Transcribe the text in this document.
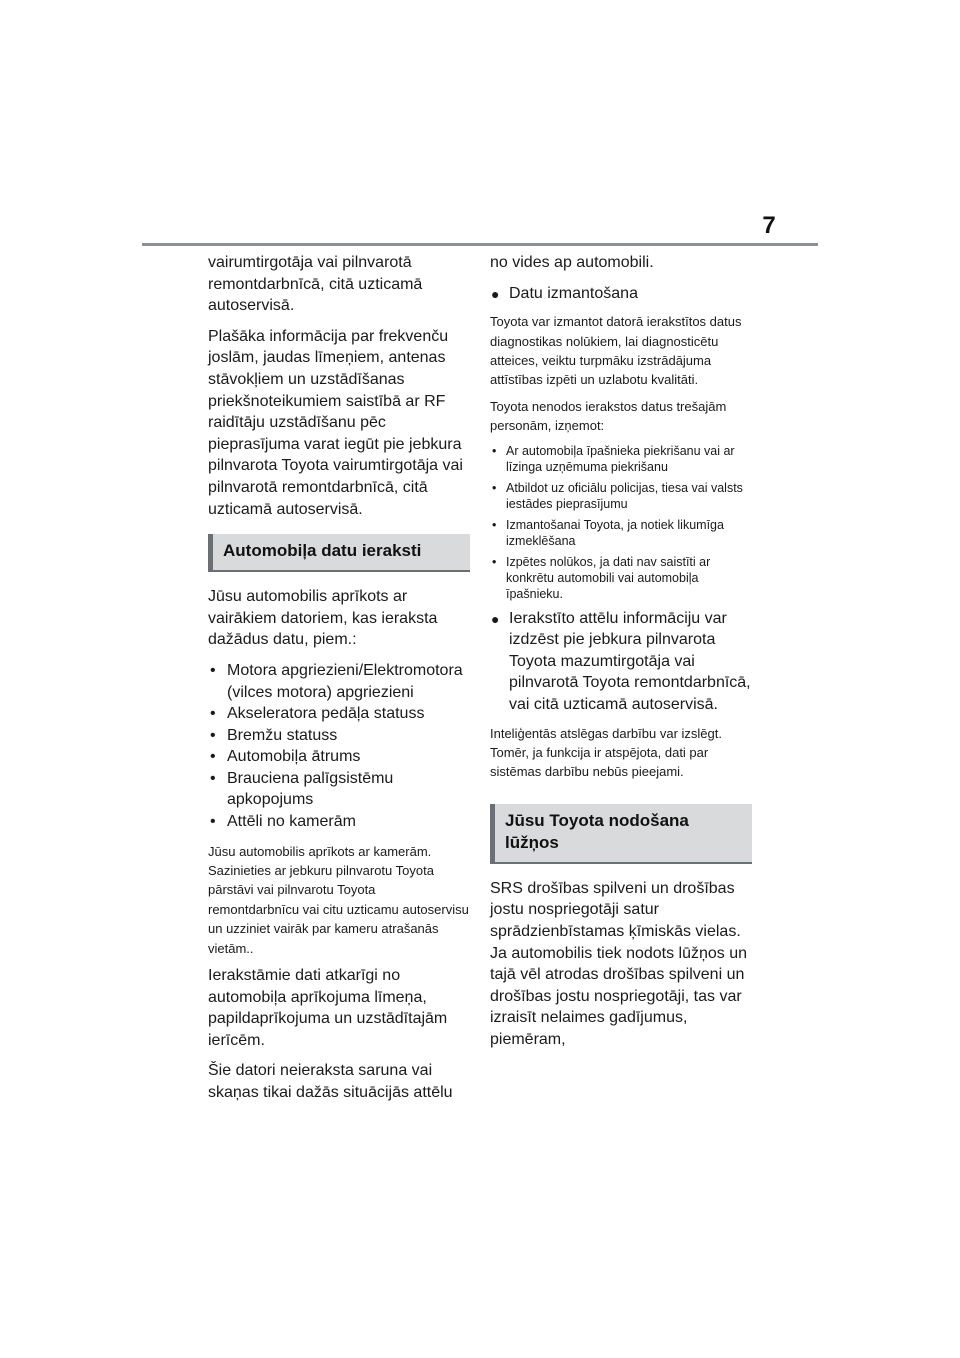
7

vairumtirgotāja vai pilnvarotā remontdarbnīcā, citā uzticamā autoservisā.

Plašāka informācija par frekvenču joslām, jaudas līmeņiem, antenas stāvokļiem un uzstādīšanas priekšnoteikumiem saistībā ar RF raidītāju uzstādīšanu pēc pieprasījuma varat iegūt pie jebkura pilnvarota Toyota vairumtirgotāja vai pilnvarotā remontdarbnīcā, citā uzticamā autoservisā.

Automobiļa datu ieraksti

Jūsu automobilis aprīkots ar vairākiem datoriem, kas ieraksta dažādus datu, piem.:

• Motora apgriezieni/Elektromotora (vilces motora) apgriezieni
• Akseleratora pedāļa statuss
• Bremžu statuss
• Automobiļa ātrums
• Brauciena palīgsistēmu apkopojums
• Attēli no kamerām

Jūsu automobilis aprīkots ar kamerām. Sazinieties ar jebkuru pilnvarotu Toyota pārstāvi vai pilnvarotu Toyota remontdarbnīcu vai citu uzticamu autoservisu un uzziniet vairāk par kameru atrašanās vietām..

Ierakstāmie dati atkarīgi no automobiļa aprīkojuma līmeņa, papildaprīkojuma un uzstādītajām ierīcēm.

Šie datori neieraksta saruna vai skaņas tikai dažās situācijās attēlu

no vides ap automobili.

● Datu izmantošana

Toyota var izmantot datorā ierakstītos datus diagnostikas nolūkiem, lai diagnosticētu atteices, veiktu turpmāku izstrādājuma attīstības izpēti un uzlabotu kvalitāti.

Toyota nenodos ierakstos datus trešajām personām, izņemot:

• Ar automobiļa īpašnieka piekrišanu vai ar līzinga uzņēmuma piekrišanu
• Atbildot uz oficiālu policijas, tiesa vai valsts iestādes pieprasījumu
• Izmantošanai Toyota, ja notiek likumīga izmeklēšana
• Izpētes nolūkos, ja dati nav saistīti ar konkrētu automobili vai automobiļa īpašnieku.
● Ierakstīto attēlu informāciju var izdzēst pie jebkura pilnvarota Toyota mazumtirgotāja vai pilnvarotā Toyota remontdarbnīcā, vai citā uzticamā autoservisā.

Inteliģentās atslēgas darbību var izslēgt. Tomēr, ja funkcija ir atspējota, dati par sistēmas darbību nebūs pieejami.

Jūsu Toyota nodošana lūžņos

SRS drošības spilveni un drošības jostu nospriegotāji satur sprādzienbīstamas ķīmiskās vielas. Ja automobilis tiek nodots lūžņos un tajā vēl atrodas drošības spilveni un drošības jostu nospriegotāji, tas var izraisīt nelaimes gadījumus, piemēram,
